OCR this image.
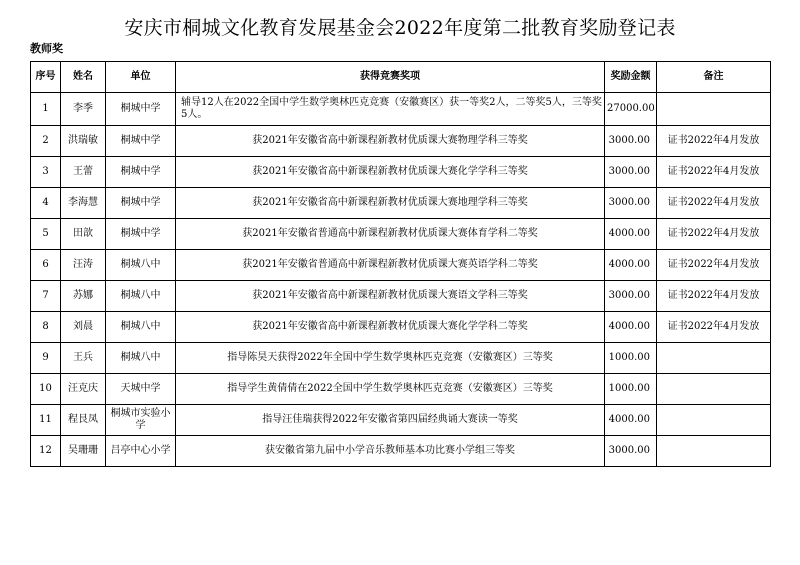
安庆市桐城文化教育发展基金会2022年度第二批教育奖励登记表
教师奖
序号	姓名	单位	获得竞赛奖项	奖励金额	备注
1	李季	桐城中学	辅导12人在2022全国中学生数学奥林匹克竞赛（安徽赛区）获一等奖2人，二等奖5人，三等奖5人。	27000.00	
2	洪瑞敏	桐城中学	获2021年安徽省高中新课程新教材优质课大赛物理学科三等奖	3000.00	证书2022年4月发放
3	王蕾	桐城中学	获2021年安徽省高中新课程新教材优质课大赛化学学科三等奖	3000.00	证书2022年4月发放
4	李海慧	桐城中学	获2021年安徽省高中新课程新教材优质课大赛地理学科三等奖	3000.00	证书2022年4月发放
5	田歆	桐城中学	获2021年安徽省普通高中新课程新教材优质课大赛体育学科二等奖	4000.00	证书2022年4月发放
6	汪涛	桐城八中	获2021年安徽省普通高中新课程新教材优质课大赛英语学科二等奖	4000.00	证书2022年4月发放
7	苏娜	桐城八中	获2021年安徽省高中新课程新教材优质课大赛语文学科三等奖	3000.00	证书2022年4月发放
8	刘晨	桐城八中	获2021年安徽省高中新课程新教材优质课大赛化学学科二等奖	4000.00	证书2022年4月发放
9	王兵	桐城八中	指导陈昊天获得2022年全国中学生数学奥林匹克竞赛（安徽赛区）三等奖	1000.00	
10	汪克庆	天城中学	指导学生黄倩倩在2022全国中学生数学奥林匹克竞赛（安徽赛区）三等奖	1000.00	
11	程艮凤	桐城市实验小学	指导汪佳瑞获得2022年安徽省第四届经典诵大赛读一等奖	4000.00	
12	吴珊珊	吕亭中心小学	获安徽省第九届中小学音乐教师基本功比赛小学组三等奖	3000.00	
